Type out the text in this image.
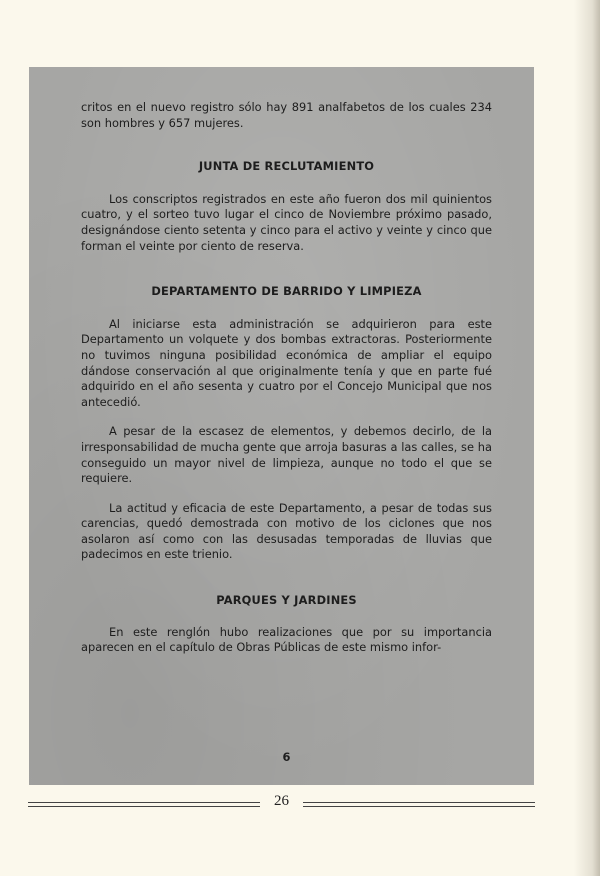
critos en el nuevo registro sólo hay 891 analfabetos de los cuales 234 son hombres y 657 mujeres.

JUNTA DE RECLUTAMIENTO

Los conscriptos registrados en este año fueron dos mil quinientos cuatro, y el sorteo tuvo lugar el cinco de Noviembre próximo pasado, designándose ciento setenta y cinco para el activo y veinte y cinco que forman el veinte por ciento de reserva.

DEPARTAMENTO DE BARRIDO Y LIMPIEZA

Al iniciarse esta administración se adquirieron para este Departamento un volquete y dos bombas extractoras. Posteriormente no tuvimos ninguna posibilidad económica de ampliar el equipo dándose conservación al que originalmente tenía y que en parte fué adquirido en el año sesenta y cuatro por el Concejo Municipal que nos antecedió.

A pesar de la escasez de elementos, y debemos decirlo, de la irresponsabilidad de mucha gente que arroja basuras a las calles, se ha conseguido un mayor nivel de limpieza, aunque no todo el que se requiere.

La actitud y eficacia de este Departamento, a pesar de todas sus carencias, quedó demostrada con motivo de los ciclones que nos asolaron así como con las desusadas temporadas de lluvias que padecimos en este trienio.

PARQUES Y JARDINES

En este renglón hubo realizaciones que por su importancia aparecen en el capítulo de Obras Públicas de este mismo infor-

6
26
